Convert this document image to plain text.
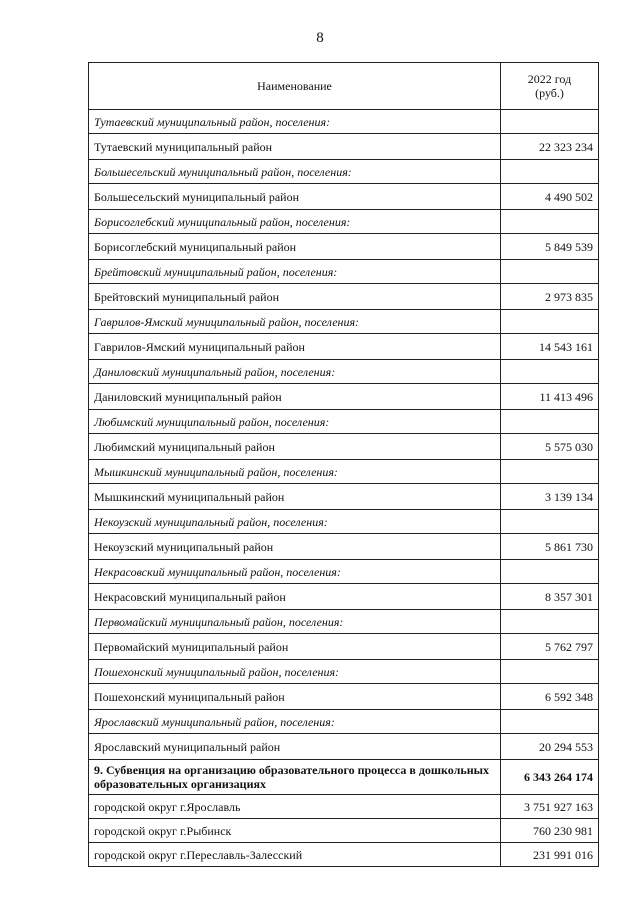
8
Наименование	2022 год
(руб.)
Тутаевский муниципальный район, поселения:	
Тутаевский муниципальный район	22 323 234
Большесельский муниципальный район, поселения:	
Большесельский муниципальный район	4 490 502
Борисоглебский муниципальный район, поселения:	
Борисоглебский муниципальный район	5 849 539
Брейтовский муниципальный район, поселения:	
Брейтовский муниципальный район	2 973 835
Гаврилов-Ямский муниципальный район, поселения:	
Гаврилов-Ямский муниципальный район	14 543 161
Даниловский муниципальный район, поселения:	
Даниловский муниципальный район	11 413 496
Любимский муниципальный район, поселения:	
Любимский муниципальный район	5 575 030
Мышкинский муниципальный район, поселения:	
Мышкинский муниципальный район	3 139 134
Некоузский муниципальный район, поселения:	
Некоузский муниципальный район	5 861 730
Некрасовский муниципальный район, поселения:	
Некрасовский муниципальный район	8 357 301
Первомайский муниципальный район, поселения:	
Первомайский муниципальный район	5 762 797
Пошехонский муниципальный район, поселения:	
Пошехонский муниципальный район	6 592 348
Ярославский муниципальный район, поселения:	
Ярославский муниципальный район	20 294 553
9. Субвенция на организацию образовательного процесса в дошкольных образовательных организациях	6 343 264 174
городской округ г.Ярославль	3 751 927 163
городской округ г.Рыбинск	760 230 981
городской округ г.Переславль-Залесский	231 991 016
